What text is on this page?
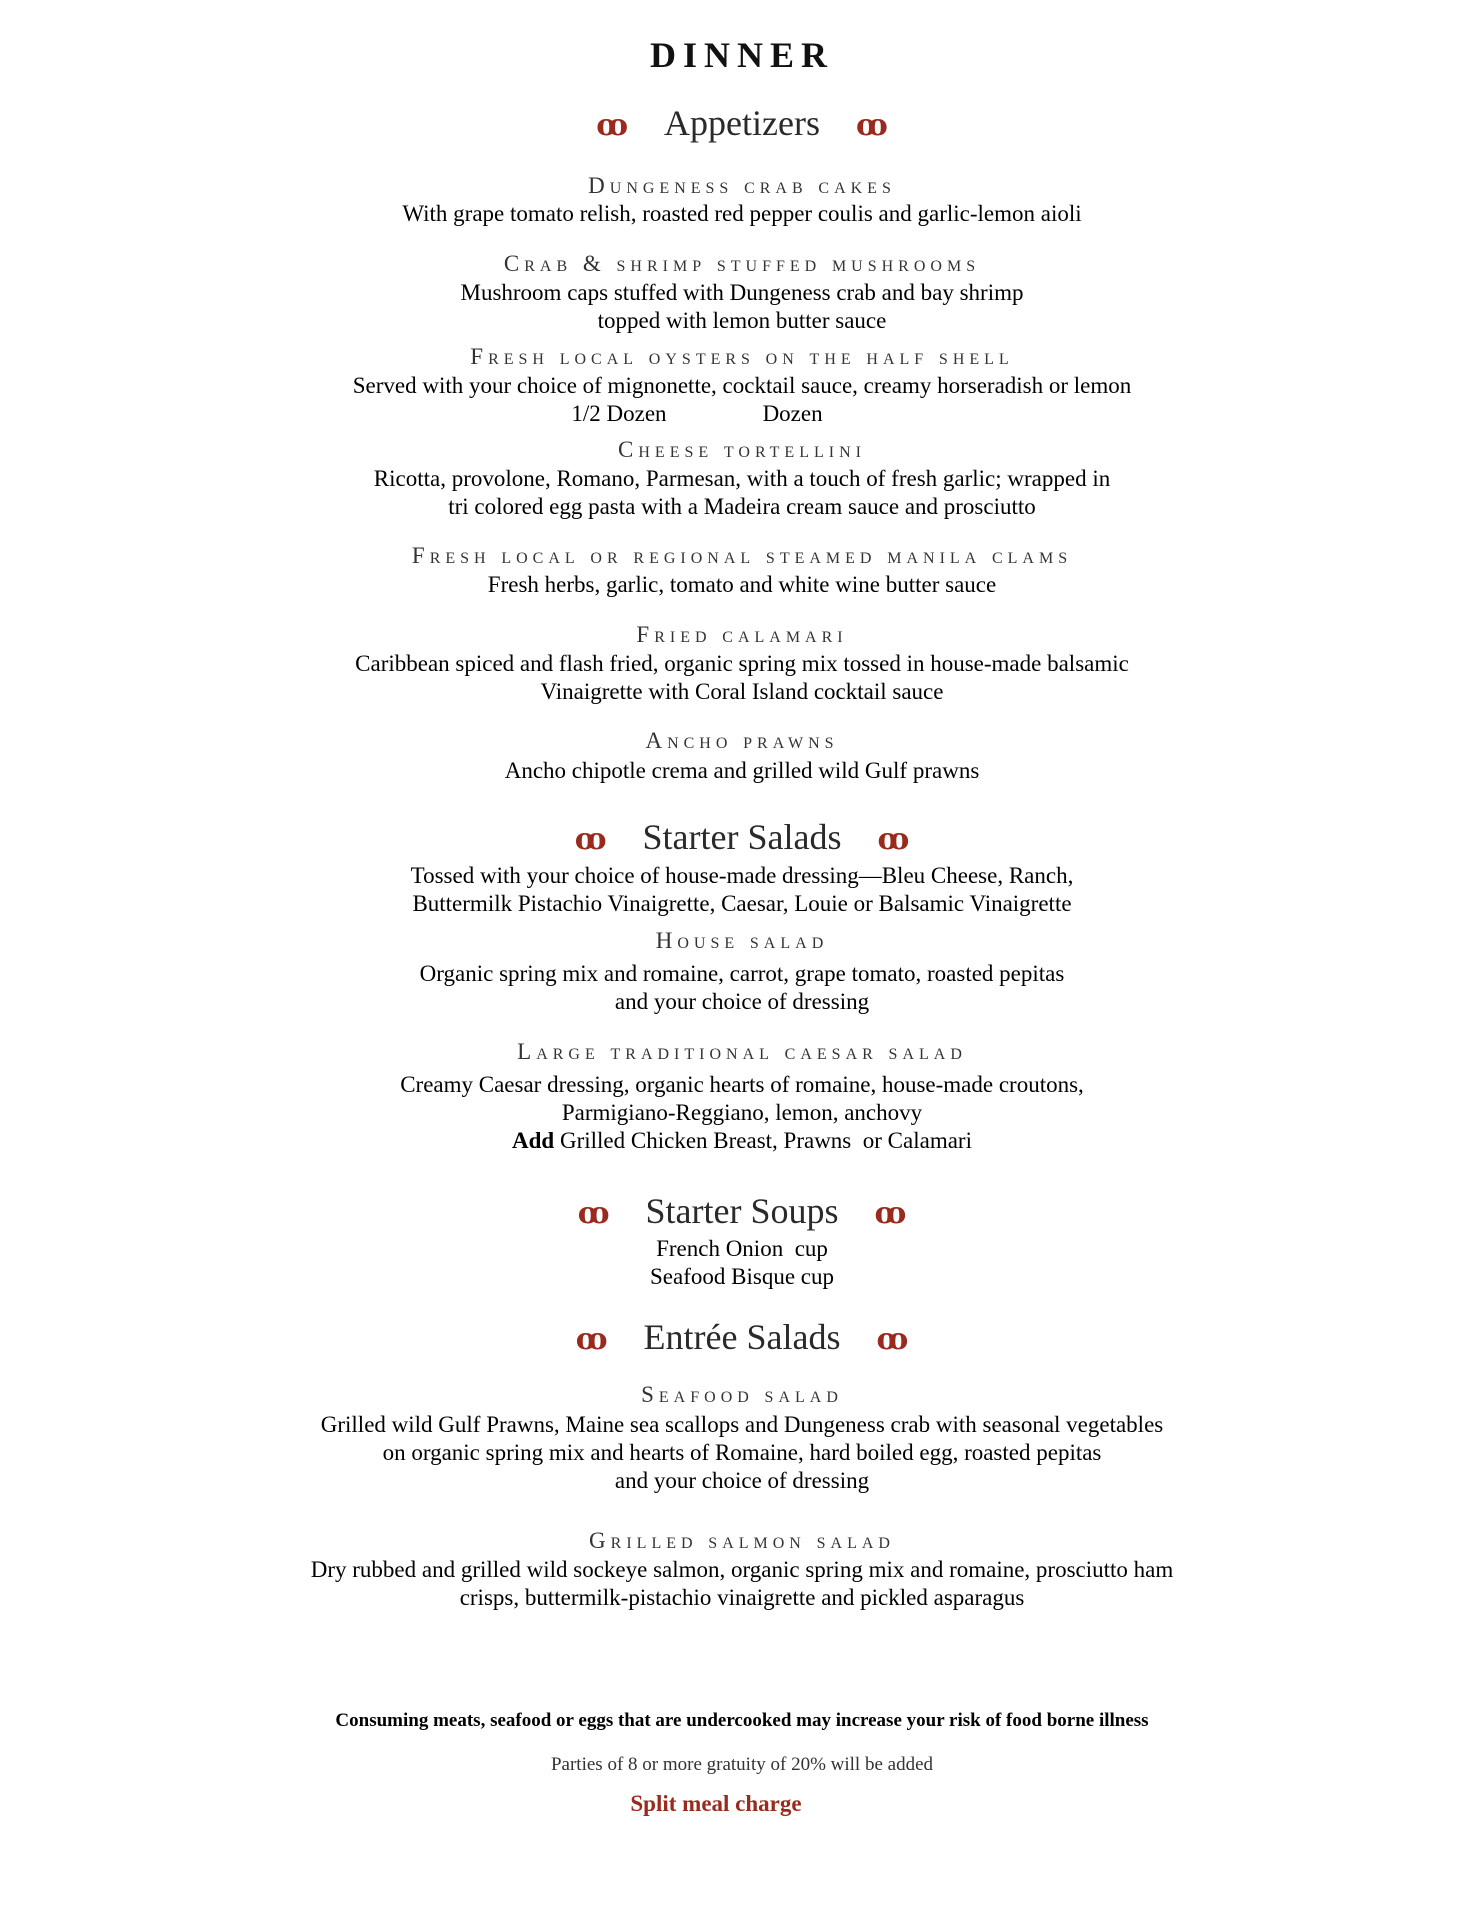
DINNER
ꝏ Appetizers ꝏ
Dungeness crab cakes
With grape tomato relish, roasted red pepper coulis and garlic-lemon aioli
Crab & shrimp stuffed mushrooms
Mushroom caps stuffed with Dungeness crab and bay shrimp
topped with lemon butter sauce
Fresh local oysters on the half shell
Served with your choice of mignonette, cocktail sauce, creamy horseradish or lemon
1/2 Dozen	Dozen
Cheese tortellini
Ricotta, provolone, Romano, Parmesan, with a touch of fresh garlic; wrapped in
tri colored egg pasta with a Madeira cream sauce and prosciutto
Fresh local or regional steamed manila clams
Fresh herbs, garlic, tomato and white wine butter sauce
Fried calamari
Caribbean spiced and flash fried, organic spring mix tossed in house-made balsamic
Vinaigrette with Coral Island cocktail sauce
Ancho prawns
Ancho chipotle crema and grilled wild Gulf prawns
ꝏ Starter Salads ꝏ
Tossed with your choice of house-made dressing—Bleu Cheese, Ranch,
Buttermilk Pistachio Vinaigrette, Caesar, Louie or Balsamic Vinaigrette
House salad
Organic spring mix and romaine, carrot, grape tomato, roasted pepitas
and your choice of dressing
Large traditional caesar salad
Creamy Caesar dressing, organic hearts of romaine, house-made croutons,
Parmigiano-Reggiano, lemon, anchovy
Add Grilled Chicken Breast, Prawns  or Calamari
ꝏ Starter Soups ꝏ
French Onion  cup
Seafood Bisque cup
ꝏ Entrée Salads ꝏ
Seafood salad
Grilled wild Gulf Prawns, Maine sea scallops and Dungeness crab with seasonal vegetables
on organic spring mix and hearts of Romaine, hard boiled egg, roasted pepitas
and your choice of dressing
Grilled salmon salad
Dry rubbed and grilled wild sockeye salmon, organic spring mix and romaine, prosciutto ham
crisps, buttermilk-pistachio vinaigrette and pickled asparagus
Consuming meats, seafood or eggs that are undercooked may increase your risk of food borne illness
Parties of 8 or more gratuity of 20% will be added
Split meal charge
